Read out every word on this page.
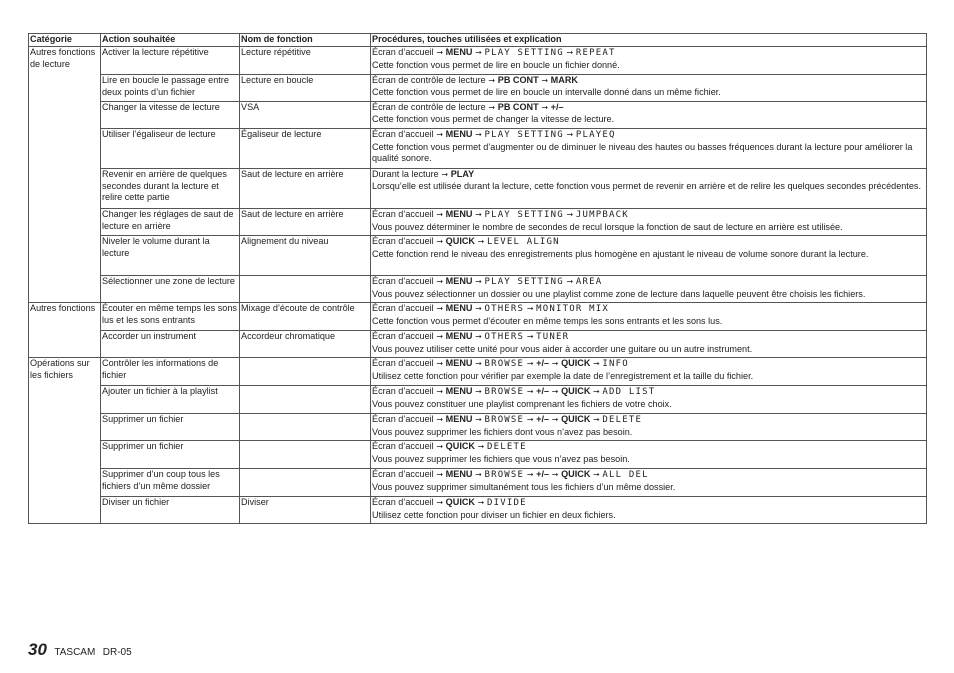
Catégorie	Action souhaitée	Nom de fonction	Procédures, touches utilisées et explication
Autres fonctions de lecture	Activer la lecture répétitive	Lecture répétitive	Écran d’accueil ➞ MENU ➞ PLAY SETTING ➞ REPEAT
Cette fonction vous permet de lire en boucle un fichier donné.

	Lire en boucle le passage entre deux points d’un fichier	Lecture en boucle	Écran de contrôle de lecture ➞ PB CONT ➞ MARK
Cette fonction vous permet de lire en boucle un intervalle donné dans un même fichier.

	Changer la vitesse de lecture	VSA	Écran de contrôle de lecture ➞ PB CONT ➞ +/–
Cette fonction vous permet de changer la vitesse de lecture.

	Utiliser l’égaliseur de lecture	Égaliseur de lecture	Écran d’accueil ➞ MENU ➞ PLAY SETTING ➞ PLAYEQ
Cette fonction vous permet d’augmenter ou de diminuer le niveau des hautes ou basses fréquences durant la lecture pour améliorer la qualité sonore.

	Revenir en arrière de quelques secondes durant la lecture et relire cette partie	Saut de lecture en arrière	Durant la lecture ➞ PLAY
Lorsqu’elle est utilisée durant la lecture, cette fonction vous permet de revenir en arrière et de relire les quelques secondes précédentes.

	Changer les réglages de saut de lecture en arrière	Saut de lecture en arrière	Écran d’accueil ➞ MENU ➞ PLAY SETTING ➞ JUMPBACK
Vous pouvez déterminer le nombre de secondes de recul lorsque la fonction de saut de lecture en arrière est utilisée.

	Niveler le volume durant la lecture	Alignement du niveau	Écran d’accueil ➞ QUICK ➞ LEVEL ALIGN
Cette fonction rend le niveau des enregistrements plus homogène en ajustant le niveau de volume sonore durant la lecture.

	Sélectionner une zone de lecture		Écran d’accueil ➞ MENU ➞ PLAY SETTING ➞ AREA
Vous pouvez sélectionner un dossier ou une playlist comme zone de lecture dans laquelle peuvent être choisis les fichiers.

Autres fonctions	Écouter en même temps les sons lus et les sons entrants	Mixage d’écoute de contrôle	Écran d’accueil ➞ MENU ➞ OTHERS ➞ MONITOR MIX
Cette fonction vous permet d’écouter en même temps les sons entrants et les sons lus.

	Accorder un instrument	Accordeur chromatique	Écran d’accueil ➞ MENU ➞ OTHERS ➞ TUNER
Vous pouvez utiliser cette unité pour vous aider à accorder une guitare ou un autre instrument.

Opérations sur les fichiers	Contrôler les informations de fichier		Écran d’accueil ➞ MENU ➞ BROWSE ➞ +/– ➞ QUICK ➞ INFO
Utilisez cette fonction pour vérifier par exemple la date de l’enregistrement et la taille du fichier.

	Ajouter un fichier à la playlist		Écran d’accueil ➞ MENU ➞ BROWSE ➞ +/– ➞ QUICK ➞ ADD LIST
Vous pouvez constituer une playlist comprenant les fichiers de votre choix.

	Supprimer un fichier		Écran d’accueil ➞ MENU ➞ BROWSE ➞ +/– ➞ QUICK ➞ DELETE
Vous pouvez supprimer les fichiers dont vous n’avez pas besoin.

	Supprimer un fichier		Écran d’accueil ➞ QUICK ➞ DELETE
Vous pouvez supprimer les fichiers que vous n’avez pas besoin.

	Supprimer d’un coup tous les fichiers d’un même dossier		Écran d’accueil ➞ MENU ➞ BROWSE ➞ +/– ➞ QUICK ➞ ALL DEL
Vous pouvez supprimer simultanément tous les fichiers d’un même dossier.

	Diviser un fichier	Diviser	Écran d’accueil ➞ QUICK ➞ DIVIDE
Utilisez cette fonction pour diviser un fichier en deux fichiers.
30 TASCAM DR-05
